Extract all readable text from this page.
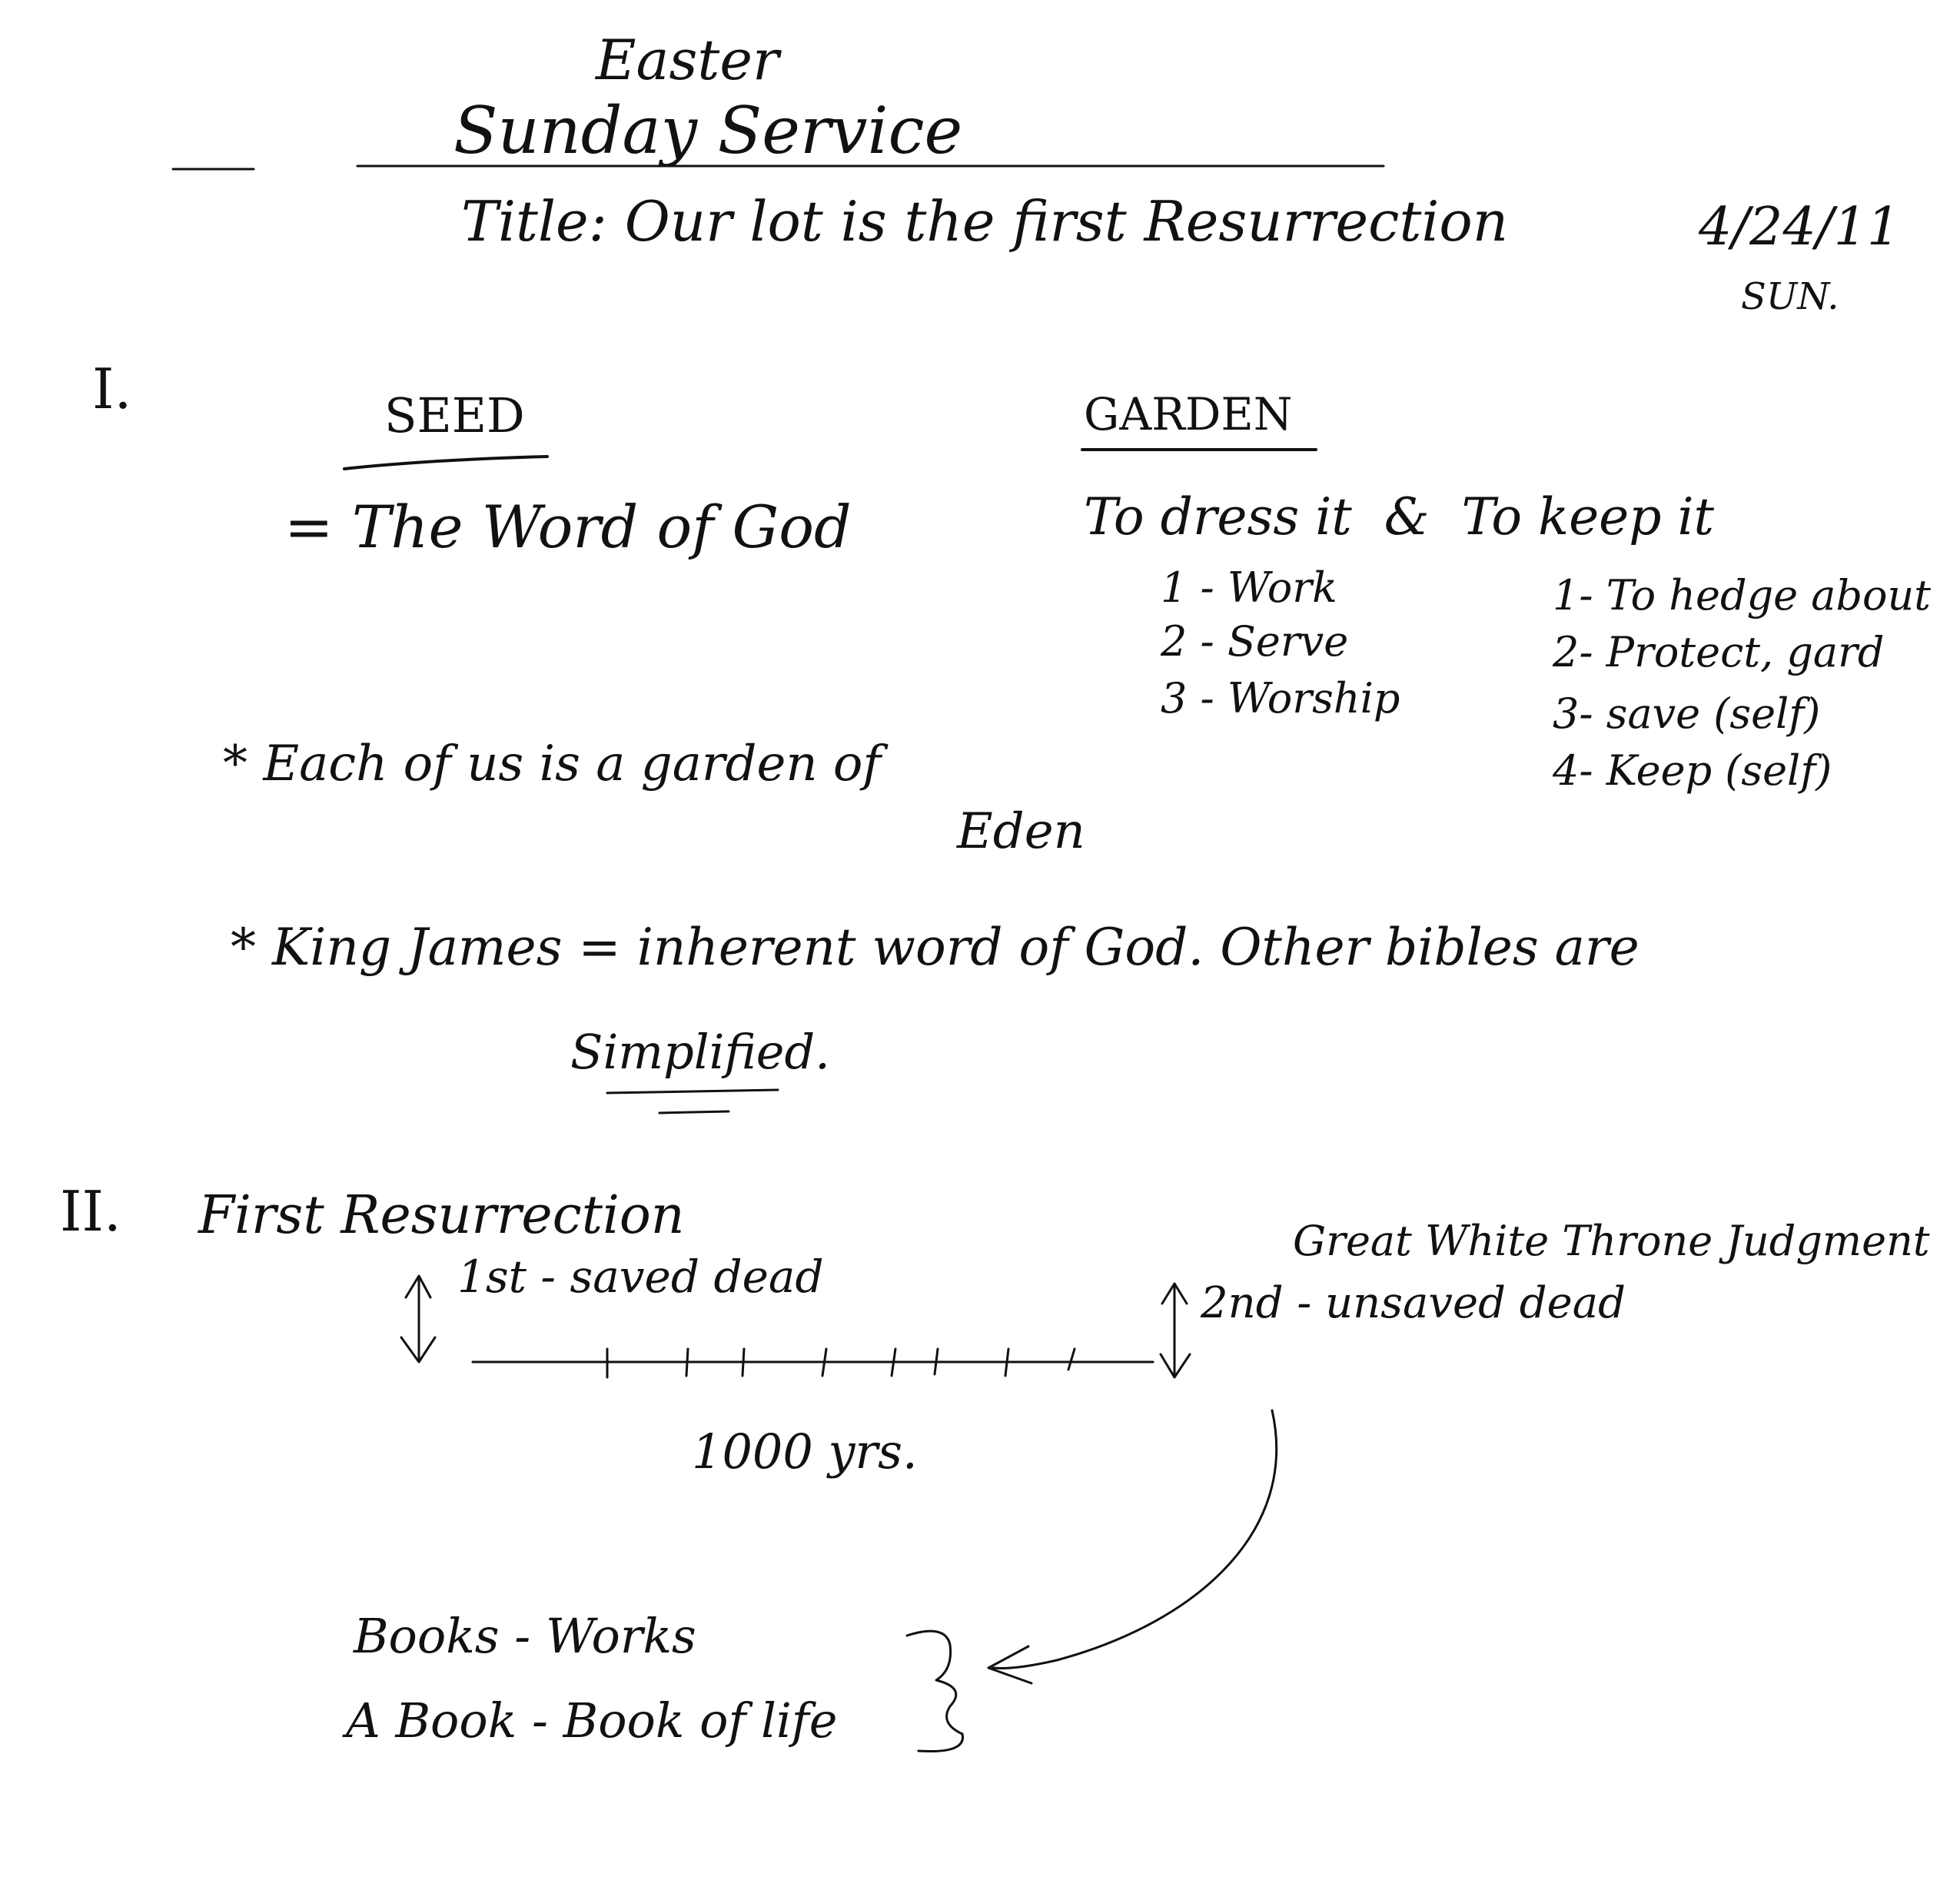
Easter
Sunday Service
Title: Our lot is the first Resurrection	4/24/11
SUN.
I.	SEED
= The Word of God
GARDEN
To dress it  &  To keep it
1 - Work
2 - Serve
3 - Worship
1- To hedge about
2- Protect, gard
3- save (self)
4- Keep (self)
* Each of us is a garden of
Eden
* King James = inherent word of God. Other bibles are
Simplified.
II. First Resurrection
1st - saved dead
Great White Throne Judgment
2nd - unsaved dead
1000 yrs.
Books - Works
A Book - Book of life
